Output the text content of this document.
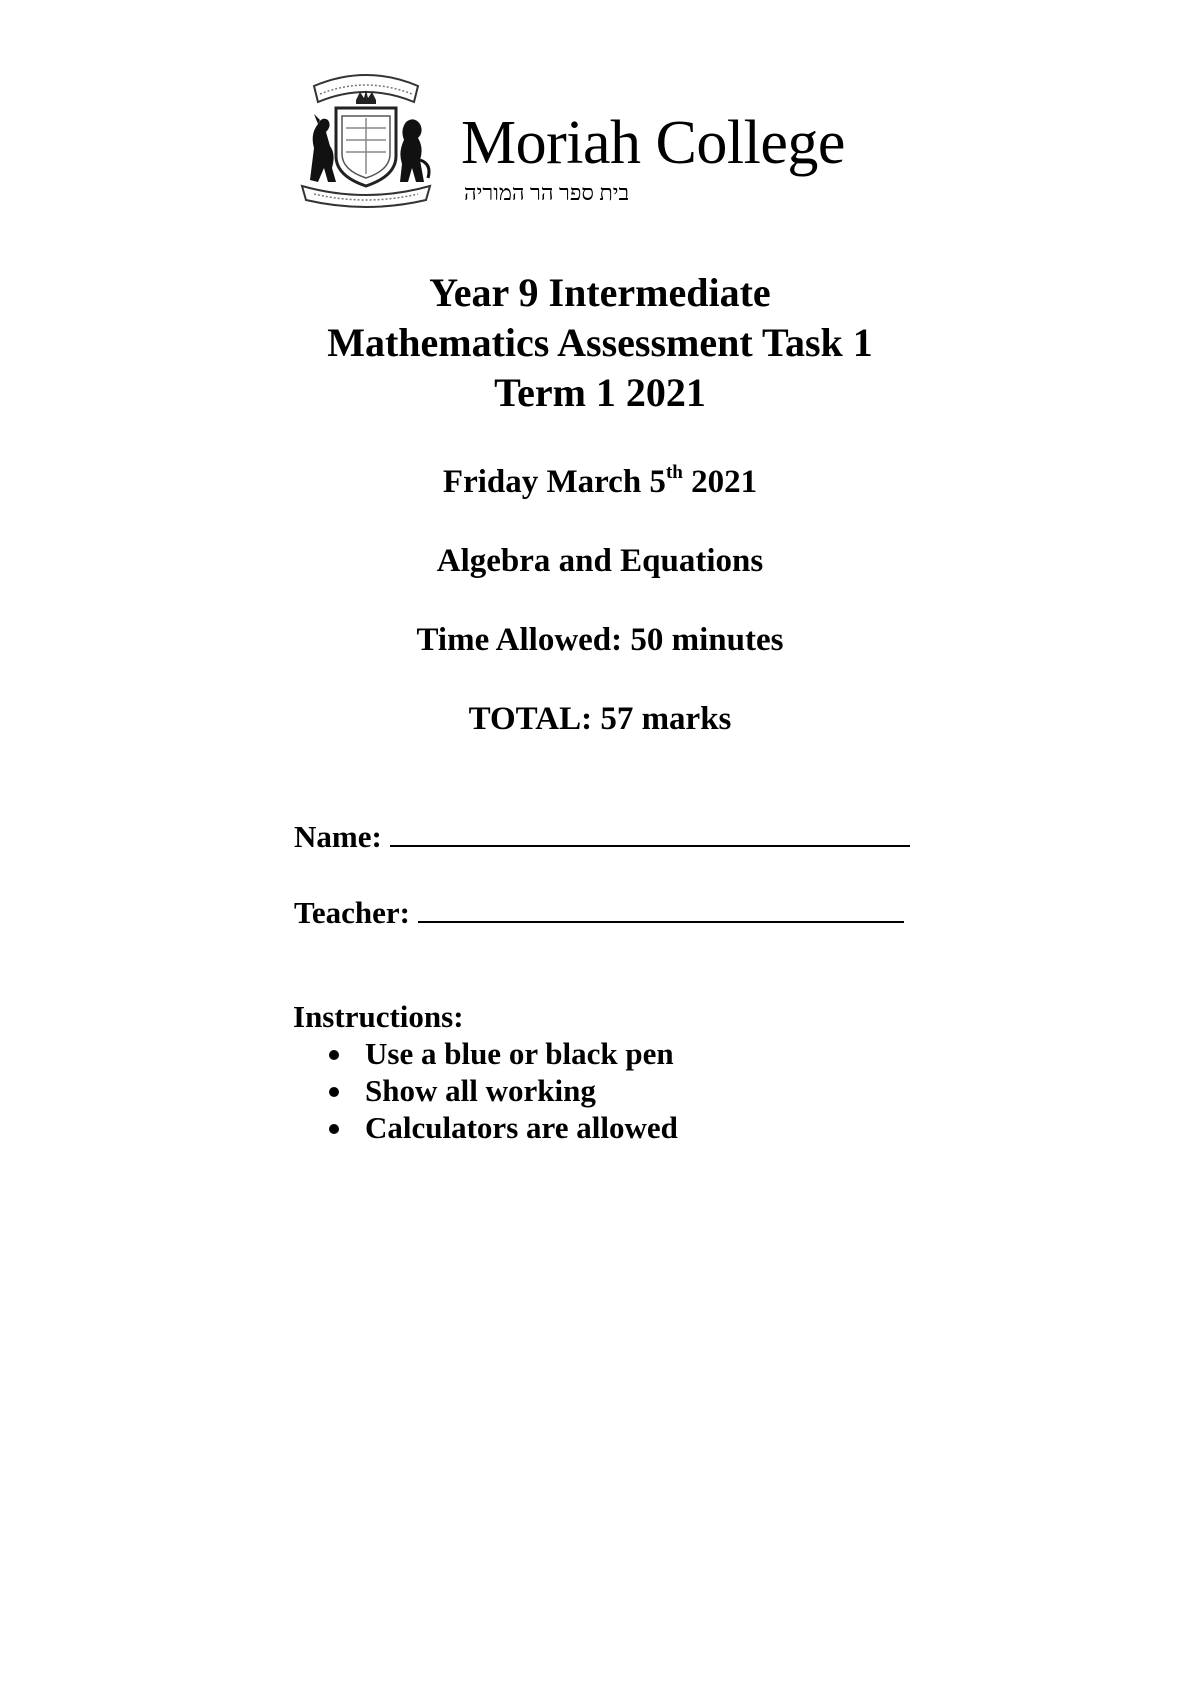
Moriah College
בית ספר הר המוריה
Year 9 Intermediate
Mathematics Assessment Task 1
Term 1 2021
Friday March 5th 2021
Algebra and Equations
Time Allowed: 50 minutes
TOTAL: 57 marks
Name:
Teacher:
Instructions:
Use a blue or black pen
Show all working
Calculators are allowed
